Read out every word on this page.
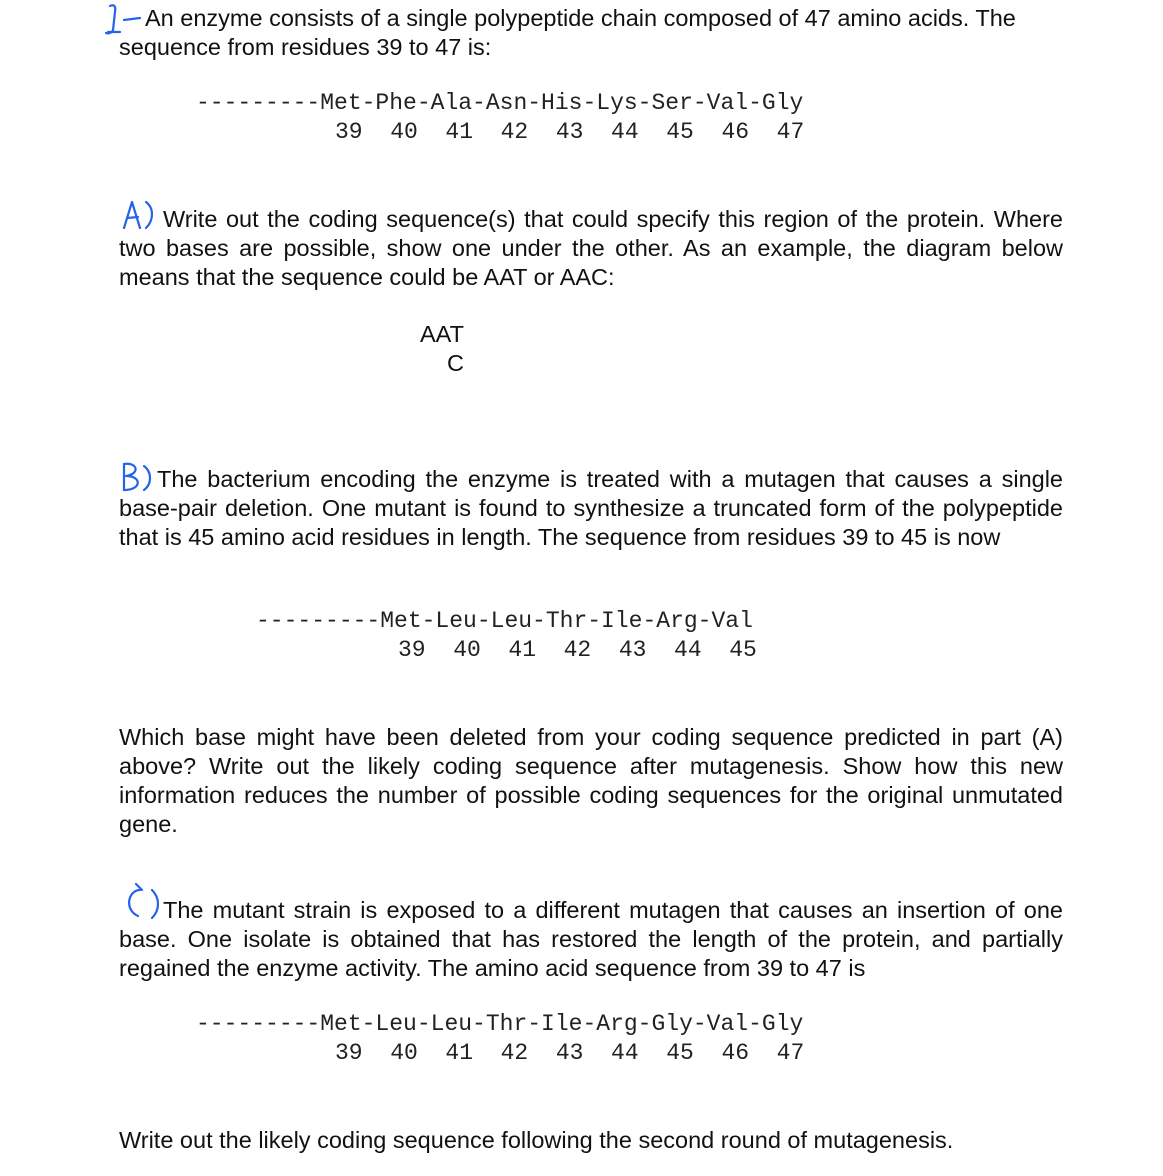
An enzyme consists of a single polypeptide chain composed of 47 amino acids. The
sequence from residues 39 to 47 is:

---------Met-Phe-Ala-Asn-His-Lys-Ser-Val-Gly
39  40  41  42  43  44  45  46  47

Write out the coding sequence(s) that could specify this region of the protein. Where two bases are possible, show one under the other. As an example, the diagram below means that the sequence could be AAT or AAC:

AAT
C

The bacterium encoding the enzyme is treated with a mutagen that causes a single base-pair deletion. One mutant is found to synthesize a truncated form of the polypeptide that is 45 amino acid residues in length. The sequence from residues 39 to 45 is now

---------Met-Leu-Leu-Thr-Ile-Arg-Val
39  40  41  42  43  44  45

Which base might have been deleted from your coding sequence predicted in part (A) above? Write out the likely coding sequence after mutagenesis. Show how this new information reduces the number of possible coding sequences for the original unmutated gene.

The mutant strain is exposed to a different mutagen that causes an insertion of one base. One isolate is obtained that has restored the length of the protein, and partially regained the enzyme activity. The amino acid sequence from 39 to 47 is

---------Met-Leu-Leu-Thr-Ile-Arg-Gly-Val-Gly
39  40  41  42  43  44  45  46  47

Write out the likely coding sequence following the second round of mutagenesis.
